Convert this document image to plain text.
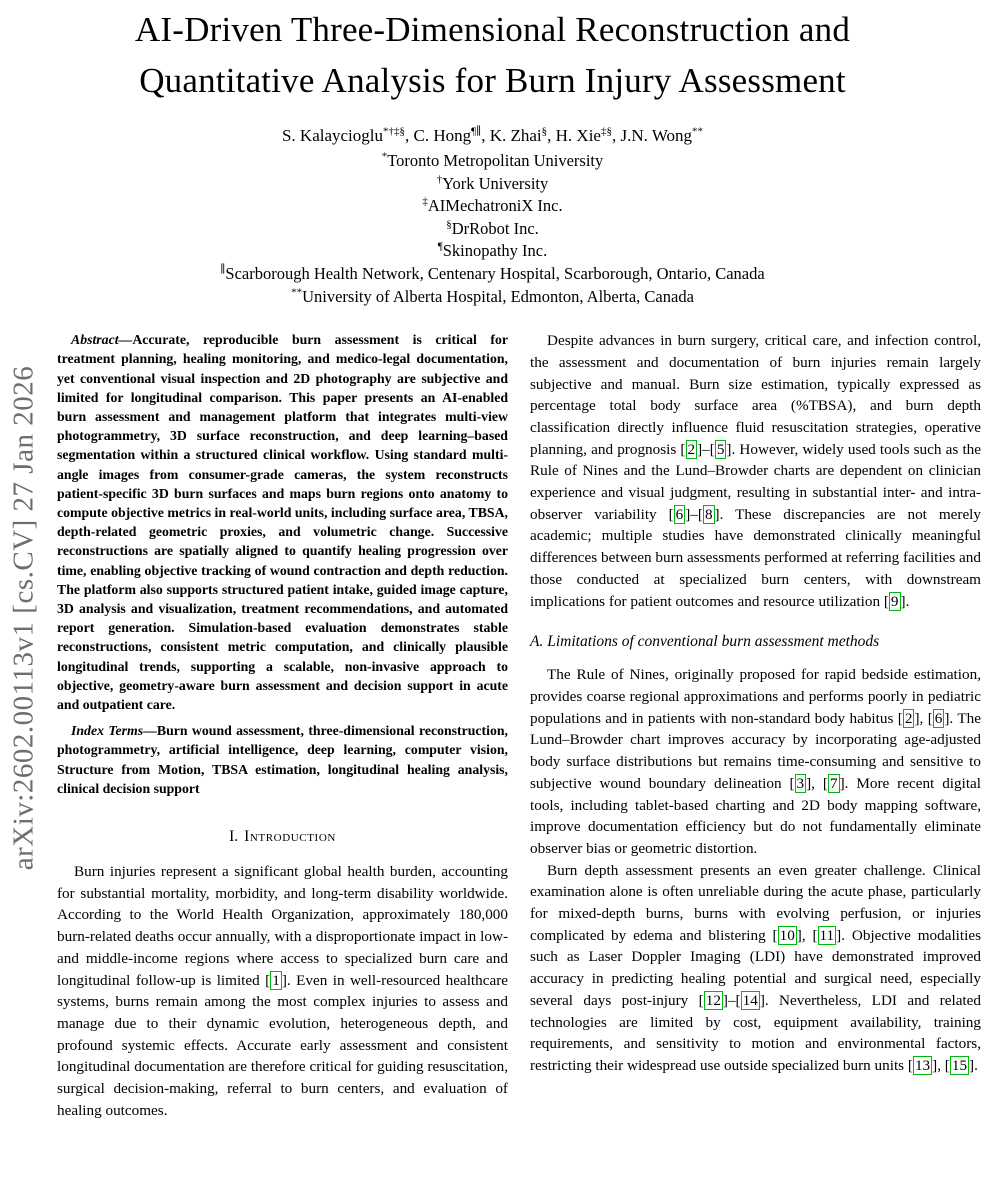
arXiv:2602.00113v1 [cs.CV] 27 Jan 2026
AI-Driven Three-Dimensional Reconstruction and
Quantitative Analysis for Burn Injury Assessment
S. Kalaycioglu*†‡§, C. Hong¶∥, K. Zhai§, H. Xie‡§, J.N. Wong**
*Toronto Metropolitan University
†York University
‡AIMechatroniX Inc.
§DrRobot Inc.
¶Skinopathy Inc.
∥Scarborough Health Network, Centenary Hospital, Scarborough, Ontario, Canada
**University of Alberta Hospital, Edmonton, Alberta, Canada

Abstract—Accurate, reproducible burn assessment is critical for treatment planning, healing monitoring, and medico-legal documentation, yet conventional visual inspection and 2D photography are subjective and limited for longitudinal comparison. This paper presents an AI-enabled burn assessment and management platform that integrates multi-view photogrammetry, 3D surface reconstruction, and deep learning–based segmentation within a structured clinical workflow. Using standard multi-angle images from consumer-grade cameras, the system reconstructs patient-specific 3D burn surfaces and maps burn regions onto anatomy to compute objective metrics in real-world units, including surface area, TBSA, depth-related geometric proxies, and volumetric change. Successive reconstructions are spatially aligned to quantify healing progression over time, enabling objective tracking of wound contraction and depth reduction. The platform also supports structured patient intake, guided image capture, 3D analysis and visualization, treatment recommendations, and automated report generation. Simulation-based evaluation demonstrates stable reconstructions, consistent metric computation, and clinically plausible longitudinal trends, supporting a scalable, non-invasive approach to objective, geometry-aware burn assessment and decision support in acute and outpatient care.

Index Terms—Burn wound assessment, three-dimensional reconstruction, photogrammetry, artificial intelligence, deep learning, computer vision, Structure from Motion, TBSA estimation, longitudinal healing analysis, clinical decision support

I. Introduction

Burn injuries represent a significant global health burden, accounting for substantial mortality, morbidity, and long-term disability worldwide. According to the World Health Organization, approximately 180,000 burn-related deaths occur annually, with a disproportionate impact in low- and middle-income regions where access to specialized burn care and longitudinal follow-up is limited [ 1 ]. Even in well-resourced healthcare systems, burns remain among the most complex injuries to assess and manage due to their dynamic evolution, heterogeneous depth, and profound systemic effects. Accurate early assessment and consistent longitudinal documentation are therefore critical for guiding resuscitation, surgical decision-making, referral to burn centers, and evaluation of healing outcomes.

Despite advances in burn surgery, critical care, and infection control, the assessment and documentation of burn injuries remain largely subjective and manual. Burn size estimation, typically expressed as percentage total body surface area (%TBSA), and burn depth classification directly influence fluid resuscitation strategies, operative planning, and prognosis [ 2 ]–[ 5 ]. However, widely used tools such as the Rule of Nines and the Lund–Browder charts are dependent on clinician experience and visual judgment, resulting in substantial inter- and intra-observer variability [ 6 ]–[ 8 ]. These discrepancies are not merely academic; multiple studies have demonstrated clinically meaningful differences between burn assessments performed at referring facilities and those conducted at specialized burn centers, with downstream implications for patient outcomes and resource utilization [ 9 ].

A. Limitations of conventional burn assessment methods

The Rule of Nines, originally proposed for rapid bedside estimation, provides coarse regional approximations and performs poorly in pediatric populations and in patients with non-standard body habitus [ 2 ], [ 6 ]. The Lund–Browder chart improves accuracy by incorporating age-adjusted body surface distributions but remains time-consuming and sensitive to subjective wound boundary delineation [ 3 ], [ 7 ]. More recent digital tools, including tablet-based charting and 2D body mapping software, improve documentation efficiency but do not fundamentally eliminate observer bias or geometric distortion.

Burn depth assessment presents an even greater challenge. Clinical examination alone is often unreliable during the acute phase, particularly for mixed-depth burns, burns with evolving perfusion, or injuries complicated by edema and blistering [ 10 ], [ 11 ]. Objective modalities such as Laser Doppler Imaging (LDI) have demonstrated improved accuracy in predicting healing potential and surgical need, especially several days post-injury [ 12 ]–[ 14 ]. Nevertheless, LDI and related technologies are limited by cost, equipment availability, training requirements, and sensitivity to motion and environmental factors, restricting their widespread use outside specialized burn units [ 13 ], [ 15 ].
